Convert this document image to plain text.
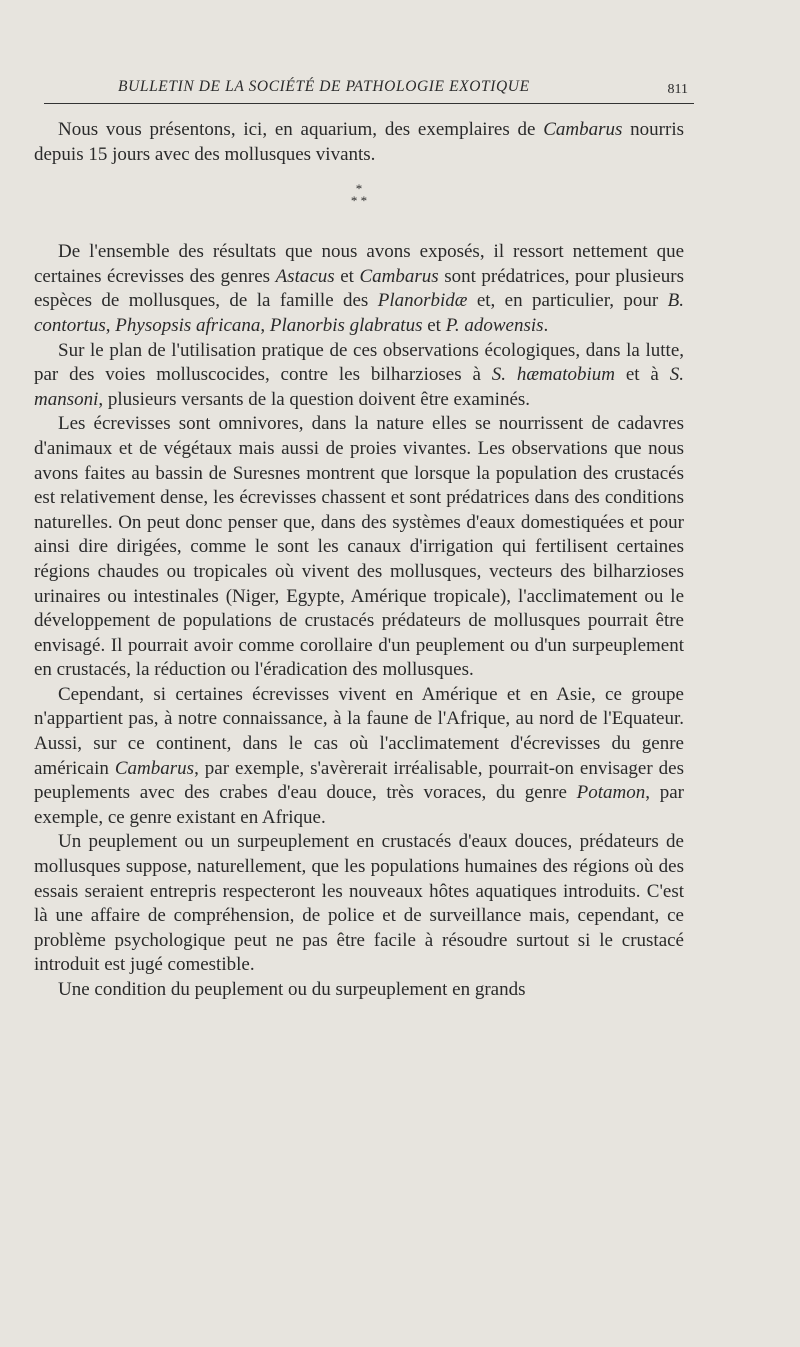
BULLETIN DE LA SOCIÉTÉ DE PATHOLOGIE EXOTIQUE	811

Nous vous présentons, ici, en aquarium, des exemplaires de Cambarus nourris depuis 15 jours avec des mollusques vivants.

*
* *

De l'ensemble des résultats que nous avons exposés, il ressort nettement que certaines écrevisses des genres Astacus et Cambarus sont prédatrices, pour plusieurs espèces de mollusques, de la famille des Planorbidæ et, en particulier, pour B. contortus, Physopsis africana, Planorbis glabratus et P. adowensis.

Sur le plan de l'utilisation pratique de ces observations écologiques, dans la lutte, par des voies molluscocides, contre les bilharzioses à S. hæmatobium et à S. mansoni, plusieurs versants de la question doivent être examinés.

Les écrevisses sont omnivores, dans la nature elles se nourrissent de cadavres d'animaux et de végétaux mais aussi de proies vivantes. Les observations que nous avons faites au bassin de Suresnes montrent que lorsque la population des crustacés est relativement dense, les écrevisses chassent et sont prédatrices dans des conditions naturelles. On peut donc penser que, dans des systèmes d'eaux domestiquées et pour ainsi dire dirigées, comme le sont les canaux d'irrigation qui fertilisent certaines régions chaudes ou tropicales où vivent des mollusques, vecteurs des bilharzioses urinaires ou intestinales (Niger, Egypte, Amérique tropicale), l'acclimatement ou le développement de populations de crustacés prédateurs de mollusques pourrait être envisagé. Il pourrait avoir comme corollaire d'un peuplement ou d'un surpeuplement en crustacés, la réduction ou l'éradication des mollusques.

Cependant, si certaines écrevisses vivent en Amérique et en Asie, ce groupe n'appartient pas, à notre connaissance, à la faune de l'Afrique, au nord de l'Equateur. Aussi, sur ce continent, dans le cas où l'acclimatement d'écrevisses du genre américain Cambarus, par exemple, s'avèrerait irréalisable, pourrait-on envisager des peuplements avec des crabes d'eau douce, très voraces, du genre Potamon, par exemple, ce genre existant en Afrique.

Un peuplement ou un surpeuplement en crustacés d'eaux douces, prédateurs de mollusques suppose, naturellement, que les populations humaines des régions où des essais seraient entrepris respecteront les nouveaux hôtes aquatiques introduits. C'est là une affaire de compréhension, de police et de surveillance mais, cependant, ce problème psychologique peut ne pas être facile à résoudre surtout si le crustacé introduit est jugé comestible.

Une condition du peuplement ou du surpeuplement en grands
